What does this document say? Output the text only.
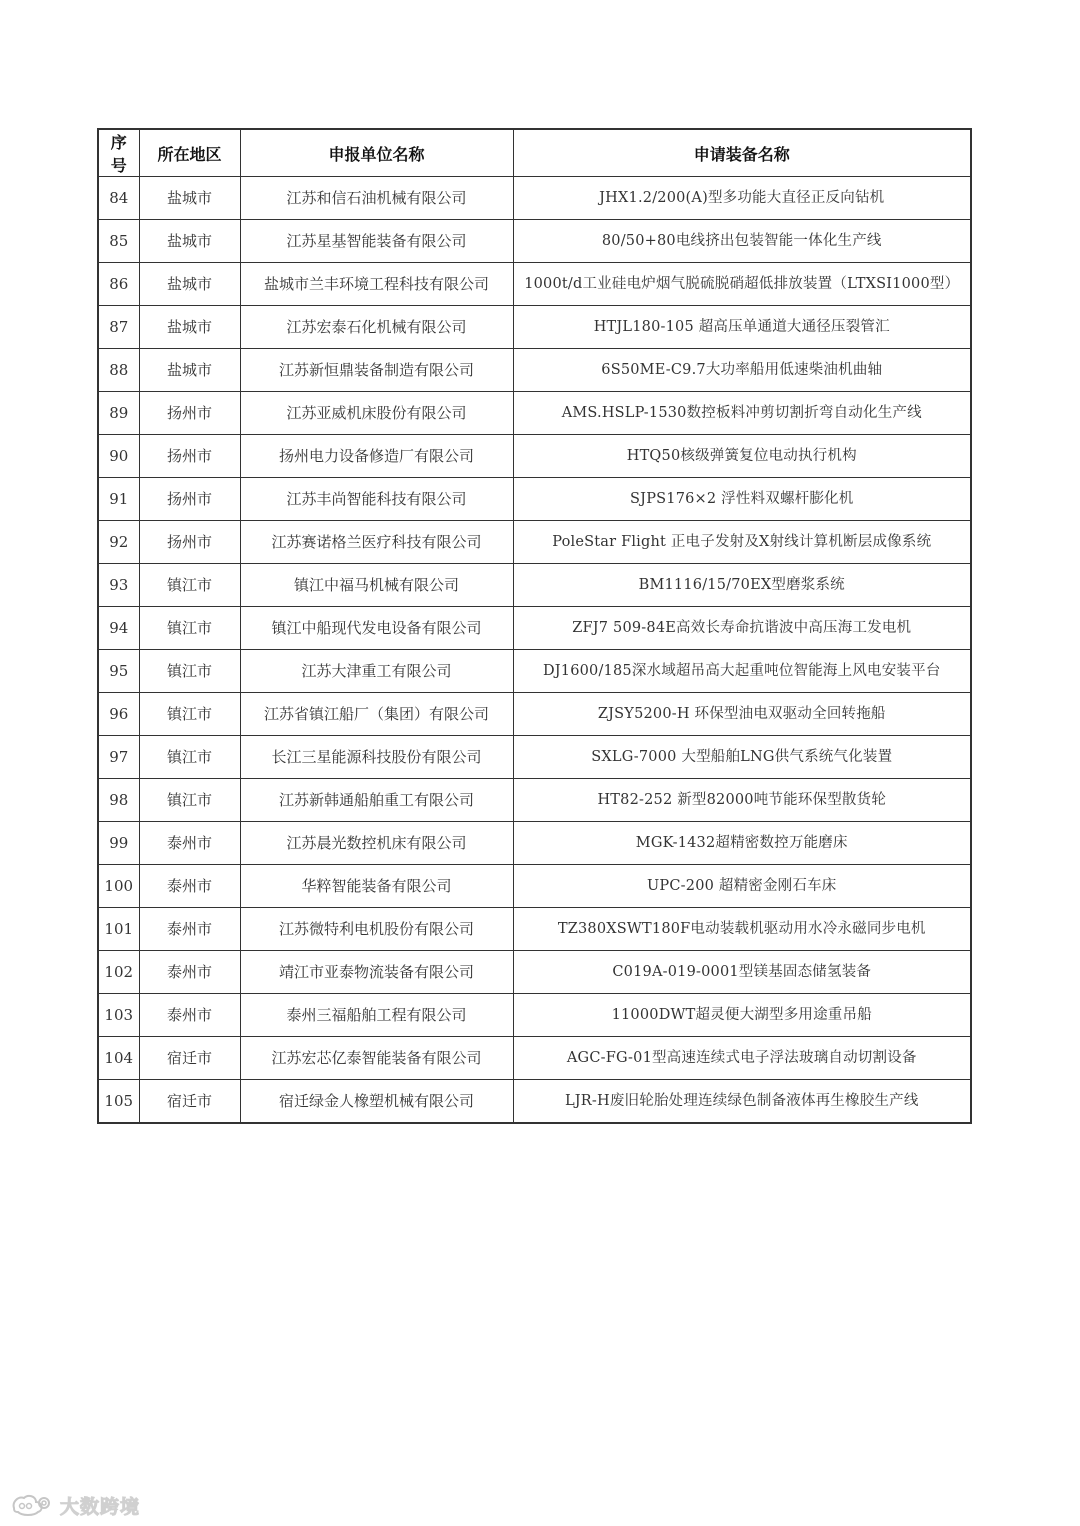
序号	所在地区	申报单位名称	申请装备名称
84	盐城市	江苏和信石油机械有限公司	JHX1.2/200(A)型多功能大直径正反向钻机
85	盐城市	江苏星基智能装备有限公司	80/50+80电线挤出包装智能一体化生产线
86	盐城市	盐城市兰丰环境工程科技有限公司	1000t/d工业硅电炉烟气脱硫脱硝超低排放装置（LTXSI1000型）
87	盐城市	江苏宏泰石化机械有限公司	HTJL180-105 超高压单通道大通径压裂管汇
88	盐城市	江苏新恒鼎装备制造有限公司	6S50ME-C9.7大功率船用低速柴油机曲轴
89	扬州市	江苏亚威机床股份有限公司	AMS.HSLP-1530数控板料冲剪切割折弯自动化生产线
90	扬州市	扬州电力设备修造厂有限公司	HTQ50核级弹簧复位电动执行机构
91	扬州市	江苏丰尚智能科技有限公司	SJPS176×2 浮性料双螺杆膨化机
92	扬州市	江苏赛诺格兰医疗科技有限公司	PoleStar Flight 正电子发射及X射线计算机断层成像系统
93	镇江市	镇江中福马机械有限公司	BM1116/15/70EX型磨浆系统
94	镇江市	镇江中船现代发电设备有限公司	ZFJ7 509-84E高效长寿命抗谐波中高压海工发电机
95	镇江市	江苏大津重工有限公司	DJ1600/185深水域超吊高大起重吨位智能海上风电安装平台
96	镇江市	江苏省镇江船厂（集团）有限公司	ZJSY5200-H 环保型油电双驱动全回转拖船
97	镇江市	长江三星能源科技股份有限公司	SXLG-7000 大型船舶LNG供气系统气化装置
98	镇江市	江苏新韩通船舶重工有限公司	HT82-252 新型82000吨节能环保型散货轮
99	泰州市	江苏晨光数控机床有限公司	MGK-1432超精密数控万能磨床
100	泰州市	华粹智能装备有限公司	UPC-200 超精密金刚石车床
101	泰州市	江苏微特利电机股份有限公司	TZ380XSWT180F电动装载机驱动用水冷永磁同步电机
102	泰州市	靖江市亚泰物流装备有限公司	C019A-019-0001型镁基固态储氢装备
103	泰州市	泰州三福船舶工程有限公司	11000DWT超灵便大湖型多用途重吊船
104	宿迁市	江苏宏芯亿泰智能装备有限公司	AGC-FG-01型高速连续式电子浮法玻璃自动切割设备
105	宿迁市	宿迁绿金人橡塑机械有限公司	LJR-H废旧轮胎处理连续绿色制备液体再生橡胶生产线
大数跨境
